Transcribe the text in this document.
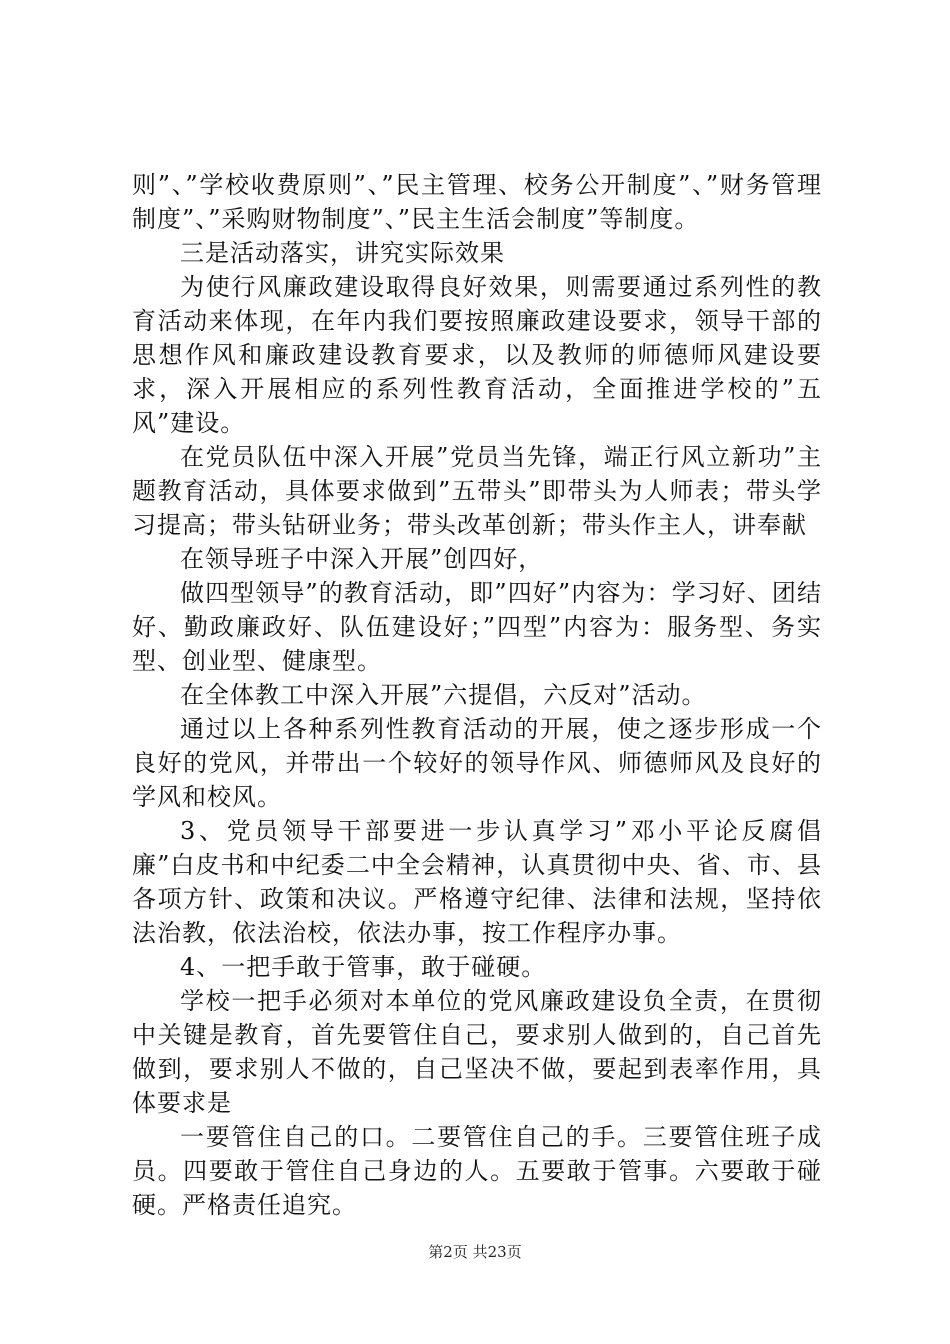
则”、”学校收费原则”、”民主管理、校务公开制度”、”财务管理制度”、”采购财物制度”、”民主生活会制度”等制度。

三是活动落实，讲究实际效果

为使行风廉政建设取得良好效果，则需要通过系列性的教育活动来体现，在年内我们要按照廉政建设要求，领导干部的思想作风和廉政建设教育要求，以及教师的师德师风建设要求，深入开展相应的系列性教育活动，全面推进学校的”五风”建设。

在党员队伍中深入开展”党员当先锋，端正行风立新功”主题教育活动，具体要求做到”五带头”即带头为人师表；带头学习提高；带头钻研业务；带头改革创新；带头作主人，讲奉献

在领导班子中深入开展”创四好，

做四型领导”的教育活动，即”四好”内容为：学习好、团结好、勤政廉政好、队伍建设好；”四型”内容为：服务型、务实型、创业型、健康型。

在全体教工中深入开展”六提倡，六反对”活动。

通过以上各种系列性教育活动的开展，使之逐步形成一个良好的党风，并带出一个较好的领导作风、师德师风及良好的学风和校风。

3、党员领导干部要进一步认真学习”邓小平论反腐倡廉”白皮书和中纪委二中全会精神，认真贯彻中央、省、市、县各项方针、政策和决议。严格遵守纪律、法律和法规，坚持依法治教，依法治校，依法办事，按工作程序办事。

4、一把手敢于管事，敢于碰硬。

学校一把手必须对本单位的党风廉政建设负全责，在贯彻中关键是教育，首先要管住自己，要求别人做到的，自己首先做到，要求别人不做的，自己坚决不做，要起到表率作用，具体要求是

一要管住自己的口。二要管住自己的手。三要管住班子成员。四要敢于管住自己身边的人。五要敢于管事。六要敢于碰硬。严格责任追究。

第2页 共23页
